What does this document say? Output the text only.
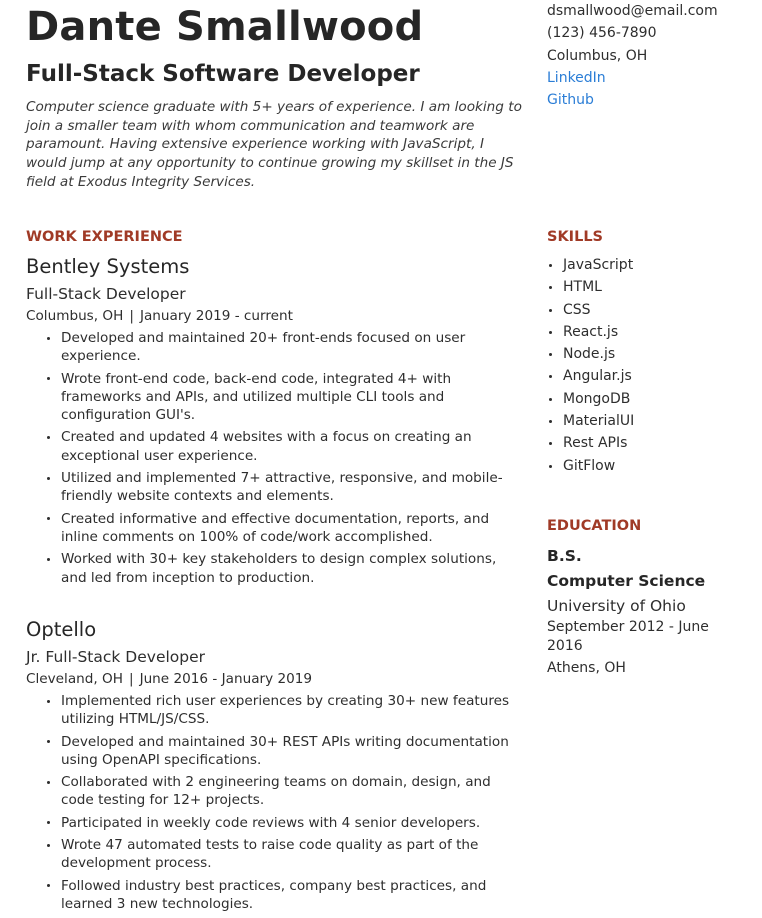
Dante Smallwood
Full-Stack Software Developer

Computer science graduate with 5+ years of experience. I am looking to join a smaller team with whom communication and teamwork are paramount. Having extensive experience working with JavaScript, I would jump at any opportunity to continue growing my skillset in the JS field at Exodus Integrity Services.

WORK EXPERIENCE
Bentley Systems
Full-Stack Developer
Columbus, OH | January 2019 - current
Developed and maintained 20+ front-ends focused on user experience.
Wrote front-end code, back-end code, integrated 4+ with frameworks and APIs, and utilized multiple CLI tools and configuration GUI's.
Created and updated 4 websites with a focus on creating an exceptional user experience.
Utilized and implemented 7+ attractive, responsive, and mobile-friendly website contexts and elements.
Created informative and effective documentation, reports, and inline comments on 100% of code/work accomplished.
Worked with 30+ key stakeholders to design complex solutions, and led from inception to production.
Optello
Jr. Full-Stack Developer
Cleveland, OH | June 2016 - January 2019
Implemented rich user experiences by creating 30+ new features utilizing HTML/JS/CSS.
Developed and maintained 30+ REST APIs writing documentation using OpenAPI specifications.
Collaborated with 2 engineering teams on domain, design, and code testing for 12+ projects.
Participated in weekly code reviews with 4 senior developers.
Wrote 47 automated tests to raise code quality as part of the development process.
Followed industry best practices, company best practices, and learned 3 new technologies.
dsmallwood@email.com
(123) 456-7890
Columbus, OH
LinkedIn
Github
SKILLS
JavaScript
HTML
CSS
React.js
Node.js
Angular.js
MongoDB
MaterialUI
Rest APIs
GitFlow
EDUCATION
B.S.
Computer Science
University of Ohio
September 2012 - June 2016
Athens, OH
